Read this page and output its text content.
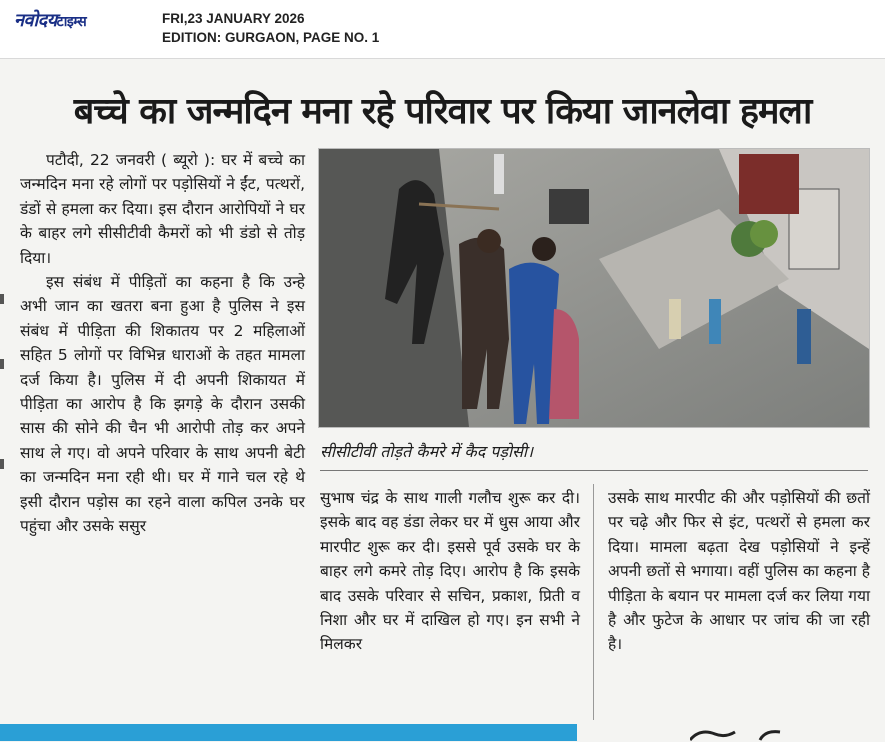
नवोदयटाइम्स	FRI,23 JANUARY 2026
EDITION: GURGAON, PAGE NO. 1
बच्चे का जन्मदिन मना रहे परिवार पर किया जानलेवा हमला

पटौदी, 22 जनवरी ( ब्यूरो ): घर में बच्चे का जन्मदिन मना रहे लोगों पर पड़ोसियों ने ईंट, पत्थरों, डंडों से हमला कर दिया। इस दौरान आरोपियों ने घर के बाहर लगे सीसीटीवी कैमरों को भी डंडो से तोड़ दिया।

इस संबंध में पीड़ितों का कहना है कि उन्हे अभी जान का खतरा बना हुआ है पुलिस ने इस संबंध में पीड़िता की शिकातय पर 2 महिलाओं सहित 5 लोगों पर विभिन्न धाराओं के तहत मामला दर्ज किया है। पुलिस में दी अपनी शिकायत में पीड़िता का आरोप है कि झगड़े के दौरान उसकी सास की सोने की चैन भी आरोपी तोड़ कर अपने साथ ले गए। वो अपने परिवार के साथ अपनी बेटी का जन्मदिन मना रही थी। घर में गाने चल रहे थे इसी दौरान पड़ोस का रहने वाला कपिल उनके घर पहुंचा और उसके ससुर

सीसीटीवी तोड़ते कैमरे में कैद पड़ोसी।

सुभाष चंद्र के साथ गाली गलौच शुरू कर दी। इसके बाद वह डंडा लेकर घर में धुस आया और मारपीट शुरू कर दी। इससे पूर्व उसके घर के बाहर लगे कमरे तोड़ दिए। आरोप है कि इसके बाद उसके परिवार से सचिन, प्रकाश, प्रिती व निशा और घर में दाखिल हो गए। इन सभी ने मिलकर

उसके साथ मारपीट की और पड़ोसियों की छतों पर चढ़े और फिर से इंट, पत्थरों से हमला कर दिया। मामला बढ़ता देख पड़ोसियों ने इन्हें अपनी छतों से भगाया। वहीं पुलिस का कहना है पीड़िता के बयान पर मामला दर्ज कर लिया गया है और फुटेज के आधार पर जांच की जा रही है।
